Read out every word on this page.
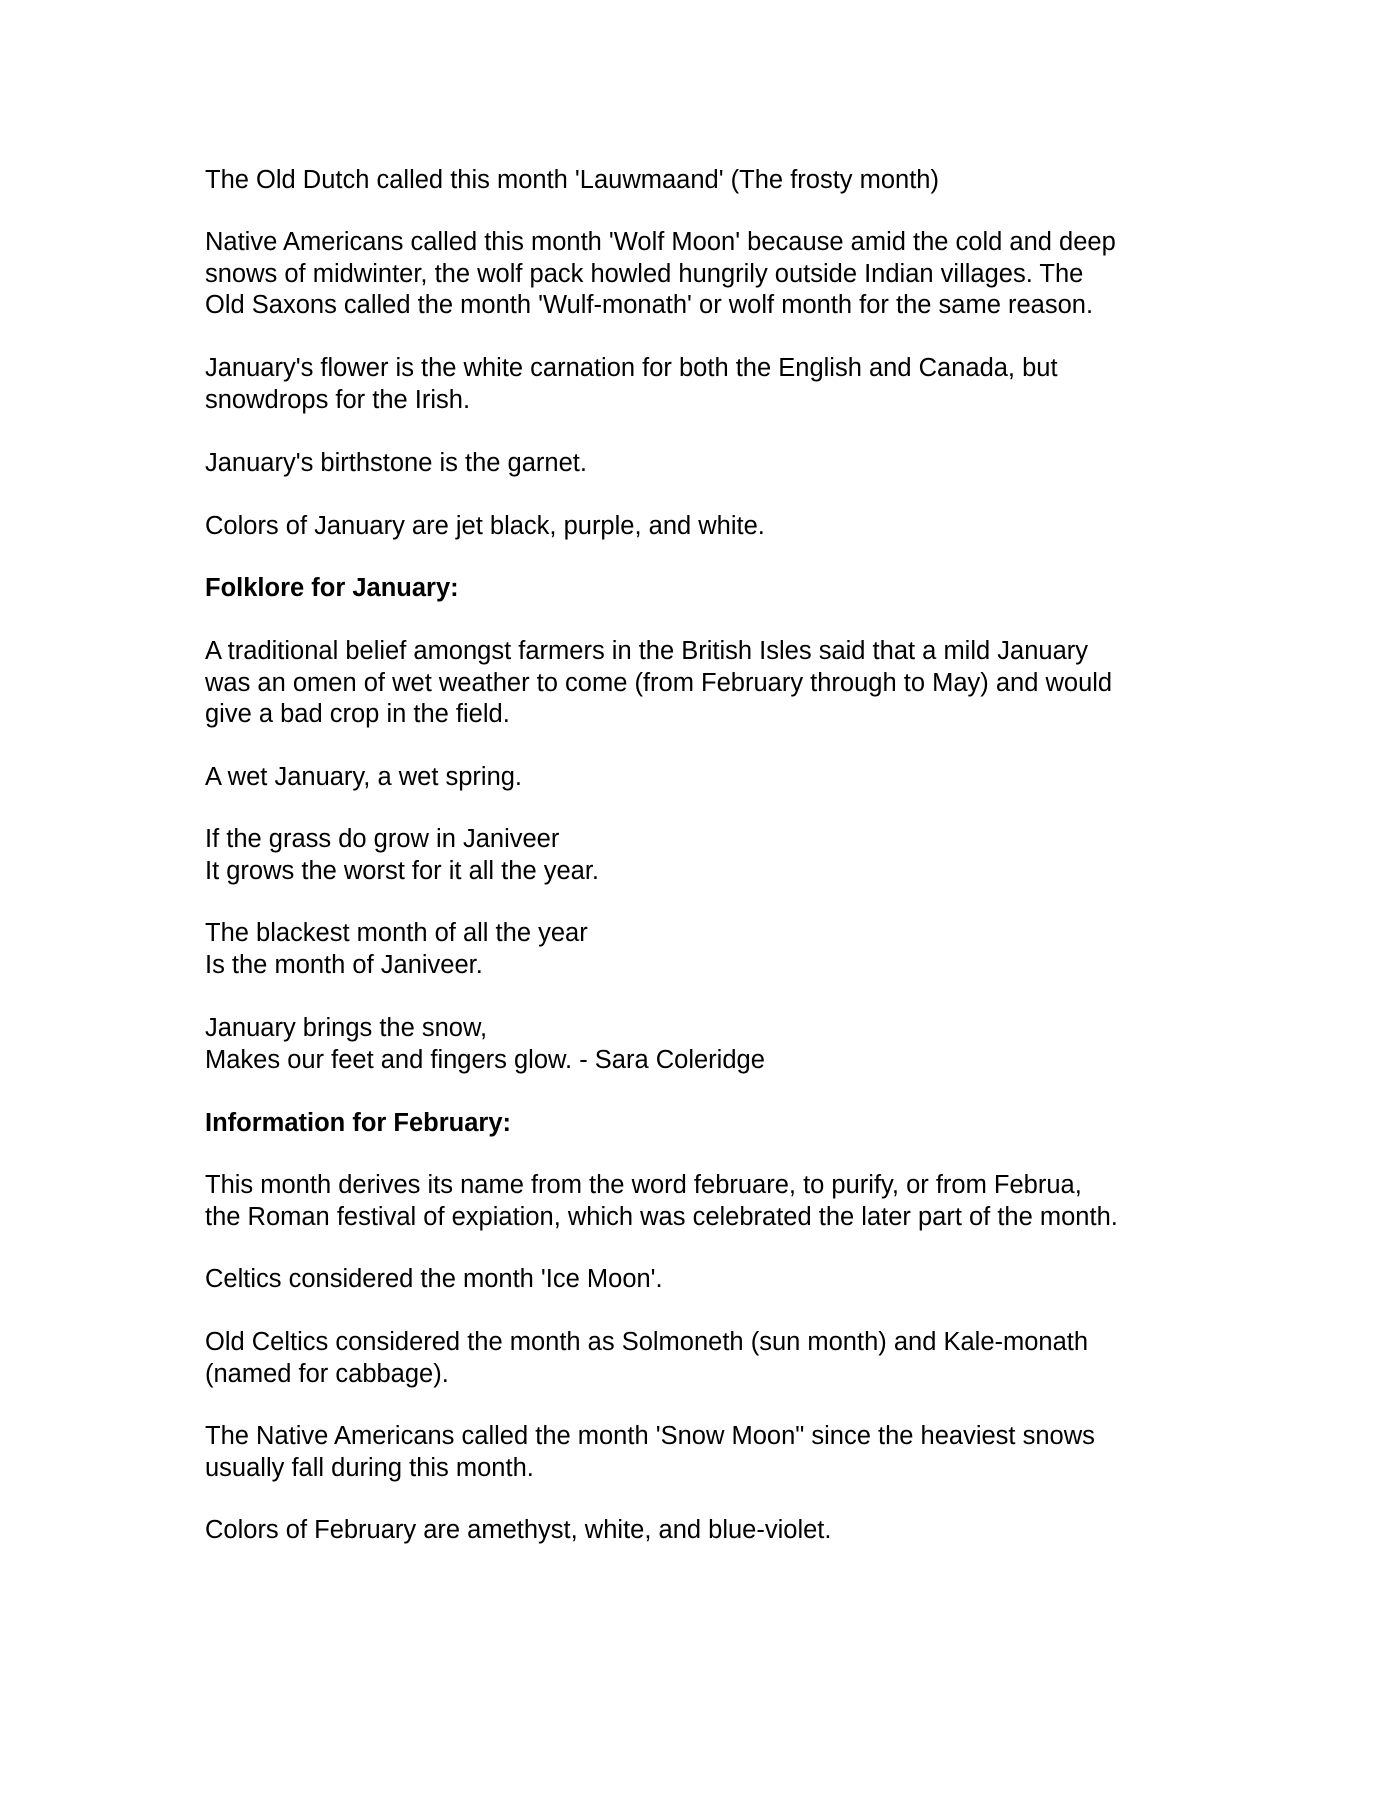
The Old Dutch called this month 'Lauwmaand' (The frosty month)
Native Americans called this month 'Wolf Moon' because amid the cold and deep
snows of midwinter, the wolf pack howled hungrily outside Indian villages. The
Old Saxons called the month 'Wulf-monath' or wolf month for the same reason.
January's flower is the white carnation for both the English and Canada, but
snowdrops for the Irish.
January's birthstone is the garnet.
Colors of January are jet black, purple, and white.
Folklore for January:
A traditional belief amongst farmers in the British Isles said that a mild January
was an omen of wet weather to come (from February through to May) and would
give a bad crop in the field.
A wet January, a wet spring.
If the grass do grow in Janiveer
It grows the worst for it all the year.
The blackest month of all the year
Is the month of Janiveer.
January brings the snow,
Makes our feet and fingers glow. - Sara Coleridge
Information for February:
This month derives its name from the word februare, to purify, or from Februa,
the Roman festival of expiation, which was celebrated the later part of the month.
Celtics considered the month 'Ice Moon'.
Old Celtics considered the month as Solmoneth (sun month) and Kale-monath
(named for cabbage).
The Native Americans called the month 'Snow Moon" since the heaviest snows
usually fall during this month.
Colors of February are amethyst, white, and blue-violet.
